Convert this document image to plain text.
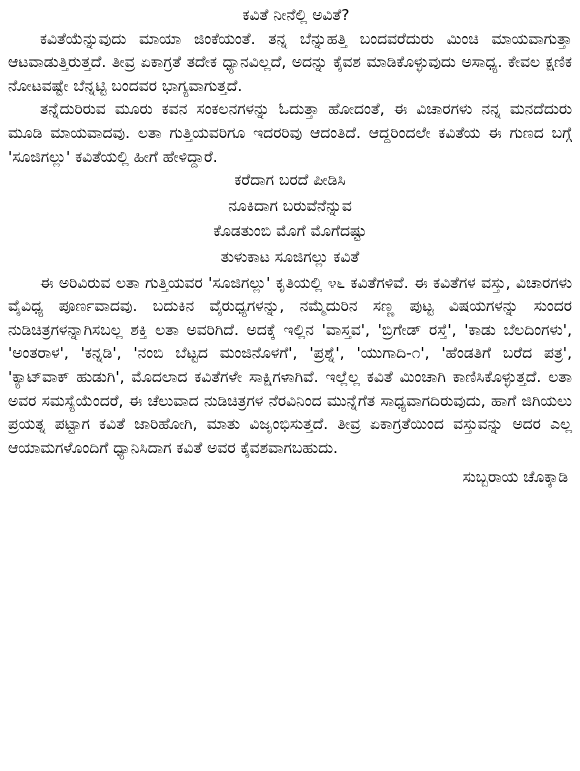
ಕವಿತೆ ನೀನೆಲ್ಲಿ ಅವಿತೆ?

ಕವಿತೆಯೆನ್ನುವುದು ಮಾಯಾ ಜಿಂಕೆಯಂತೆ. ತನ್ನ ಬೆನ್ನುಹತ್ತಿ ಬಂದವರೆದುರು ಮಿಂಚಿ ಮಾಯವಾಗುತ್ತಾ ಆಟವಾಡುತ್ತಿರುತ್ತದೆ. ತೀವ್ರ ಏಕಾಗ್ರತೆ ತದೇಕ ಧ್ಯಾನವಿಲ್ಲದೆ, ಅದನ್ನು ಕೈವಶ ಮಾಡಿಕೊಳ್ಳುವುದು ಅಸಾಧ್ಯ. ಕೇವಲ ಕ್ಷಣಿಕ ನೋಟವಷ್ಟೇ ಬೆನ್ನಟ್ಟಿ ಬಂದವರ ಭಾಗ್ಯವಾಗುತ್ತದೆ.

ತನ್ನೆದುರಿರುವ ಮೂರು ಕವನ ಸಂಕಲನಗಳನ್ನು ಓದುತ್ತಾ ಹೋದಂತೆ, ಈ ವಿಚಾರಗಳು ನನ್ನ ಮನದೆದುರು ಮೂಡಿ ಮಾಯವಾದವು. ಲತಾ ಗುತ್ತಿಯವರಿಗೂ ಇದರರಿವು ಆದಂತಿದೆ. ಆದ್ದರಿಂದಲೇ ಕವಿತೆಯ ಈ ಗುಣದ ಬಗ್ಗೆ 'ಸೂಜಿಗಲ್ಲು' ಕವಿತೆಯಲ್ಲಿ ಹೀಗೆ ಹೇಳಿದ್ದಾರೆ.

ಕರೆದಾಗ ಬರದೆ ಪೀಡಿಸಿ

ನೂಕಿದಾಗ ಬರುವೆನೆನ್ನುವ

ಕೊಡತುಂಬಿ ಮೊಗೆ ಮೊಗೆದಷ್ಟು

ತುಳುಕಾಟ ಸೂಜಿಗಲ್ಲು ಕವಿತೆ

ಈ ಅರಿವಿರುವ ಲತಾ ಗುತ್ತಿಯವರ 'ಸೂಜಿಗಲ್ಲು' ಕೃತಿಯಲ್ಲಿ ೪೬ ಕವಿತೆಗಳಿವೆ. ಈ ಕವಿತೆಗಳ ವಸ್ತು, ವಿಚಾರಗಳು ವೈವಿಧ್ಯ ಪೂರ್ಣವಾದವು. ಬದುಕಿನ ವೈರುಧ್ಯಗಳನ್ನು, ನಮ್ಮೆದುರಿನ ಸಣ್ಣ ಪುಟ್ಟ ವಿಷಯಗಳನ್ನು ಸುಂದರ ನುಡಿಚಿತ್ರಗಳನ್ನಾಗಿಸಬಲ್ಲ ಶಕ್ತಿ ಲತಾ ಅವರಿಗಿದೆ. ಅದಕ್ಕೆ ಇಲ್ಲಿನ 'ವಾಸ್ತವ', 'ಬ್ರಿಗೇಡ್ ರಸ್ತೆ', 'ಕಾಡು ಬೆಲದಿಂಗಳು', 'ಅಂತರಾಳ', 'ಕನ್ನಡಿ', 'ನಂಬಿ ಬೆಟ್ಟದ ಮಂಜಿನೊಳಗೆ', 'ಪ್ರಶ್ನೆ', 'ಯುಗಾದಿ-೧', 'ಹೆಂಡತಿಗೆ ಬರೆದ ಪತ್ರ', 'ಕ್ಯಾಟ್‌ವಾಕ್ ಹುಡುಗಿ', ಮೊದಲಾದ ಕವಿತೆಗಳೇ ಸಾಕ್ಷಿಗಳಾಗಿವೆ. ಇಲ್ಲೆಲ್ಲ ಕವಿತೆ ಮಿಂಚಾಗಿ ಕಾಣಿಸಿಕೊಳ್ಳುತ್ತದೆ. ಲತಾ ಅವರ ಸಮಸ್ಯೆಯೆಂದರೆ, ಈ ಚೆಲುವಾದ ನುಡಿಚಿತ್ರಗಳ ನೆರವಿನಿಂದ ಮುನ್ನೆಗೆತ ಸಾಧ್ಯವಾಗದಿರುವುದು, ಹಾಗೆ ಜಿಗಿಯಲು ಪ್ರಯತ್ನ ಪಟ್ಟಾಗ ಕವಿತೆ ಜಾರಿಹೋಗಿ, ಮಾತು ವಿಜೃಂಭಿಸುತ್ತದೆ. ತೀವ್ರ ಏಕಾಗ್ರತೆಯಿಂದ ವಸ್ತುವನ್ನು ಅದರ ಎಲ್ಲ ಆಯಾಮಗಳೊಂದಿಗೆ ಧ್ಯಾನಿಸಿದಾಗ ಕವಿತೆ ಅವರ ಕೈವಶವಾಗಬಹುದು.

ಸುಬ್ಬರಾಯ ಚೊಕ್ಕಾಡಿ
